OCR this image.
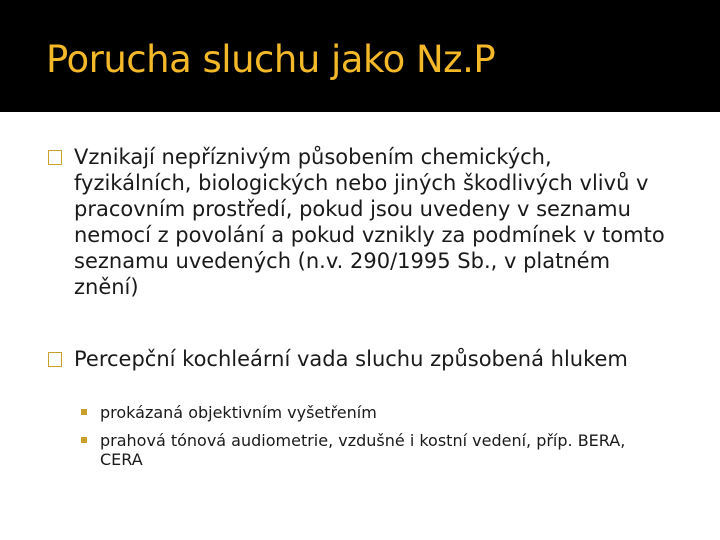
Porucha sluchu jako Nz.P
Vznikají nepříznivým působením chemických, fyzikálních, biologických nebo jiných škodlivých vlivů v pracovním prostředí, pokud jsou uvedeny v seznamu nemocí z povolání a pokud vznikly za podmínek v tomto seznamu uvedených (n.v. 290/1995 Sb., v platném znění)
Percepční kochleární vada sluchu způsobená hlukem
prokázaná objektivním vyšetřením
prahová tónová audiometrie, vzdušné i kostní vedení, příp. BERA, CERA
